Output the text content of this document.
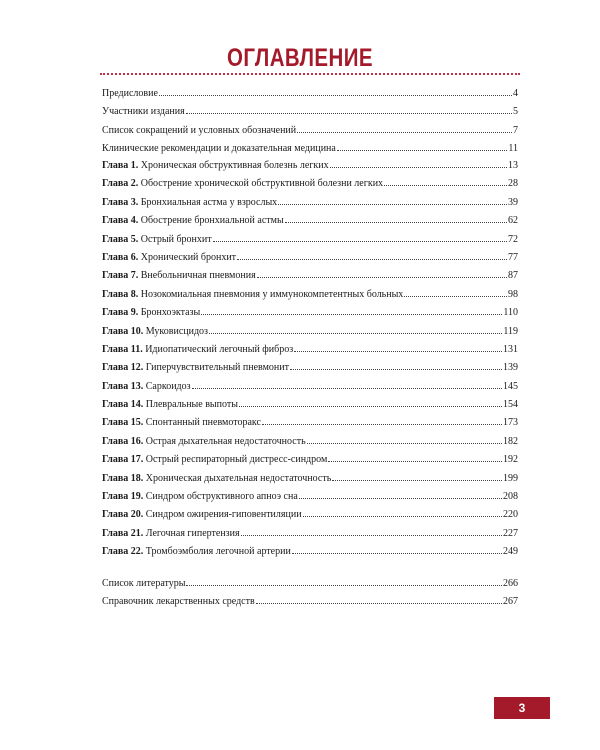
ОГЛАВЛЕНИЕ
Предисловие	4
Участники издания	5
Список сокращений и условных обозначений	7
Клинические рекомендации и доказательная медицина	11
Глава 1. Хроническая обструктивная болезнь легких	13
Глава 2. Обострение хронической обструктивной болезни легких	28
Глава 3. Бронхиальная астма у взрослых	39
Глава 4. Обострение бронхиальной астмы	62
Глава 5. Острый бронхит	72
Глава 6. Хронический бронхит	77
Глава 7. Внебольничная пневмония	87
Глава 8. Нозокомиальная пневмония у иммунокомпетентных больных	98
Глава 9. Бронхоэктазы	110
Глава 10. Муковисцидоз	119
Глава 11. Идиопатический легочный фиброз	131
Глава 12. Гиперчувствительный пневмонит	139
Глава 13. Саркоидоз	145
Глава 14. Плевральные выпоты	154
Глава 15. Спонтанный пневмоторакс	173
Глава 16. Острая дыхательная недостаточность	182
Глава 17. Острый респираторный дистресс-синдром	192
Глава 18. Хроническая дыхательная недостаточность	199
Глава 19. Синдром обструктивного апноэ сна	208
Глава 20. Синдром ожирения-гиповентиляции	220
Глава 21. Легочная гипертензия	227
Глава 22. Тромбоэмболия легочной артерии	249
Список литературы	266
Справочник лекарственных средств	267
3
